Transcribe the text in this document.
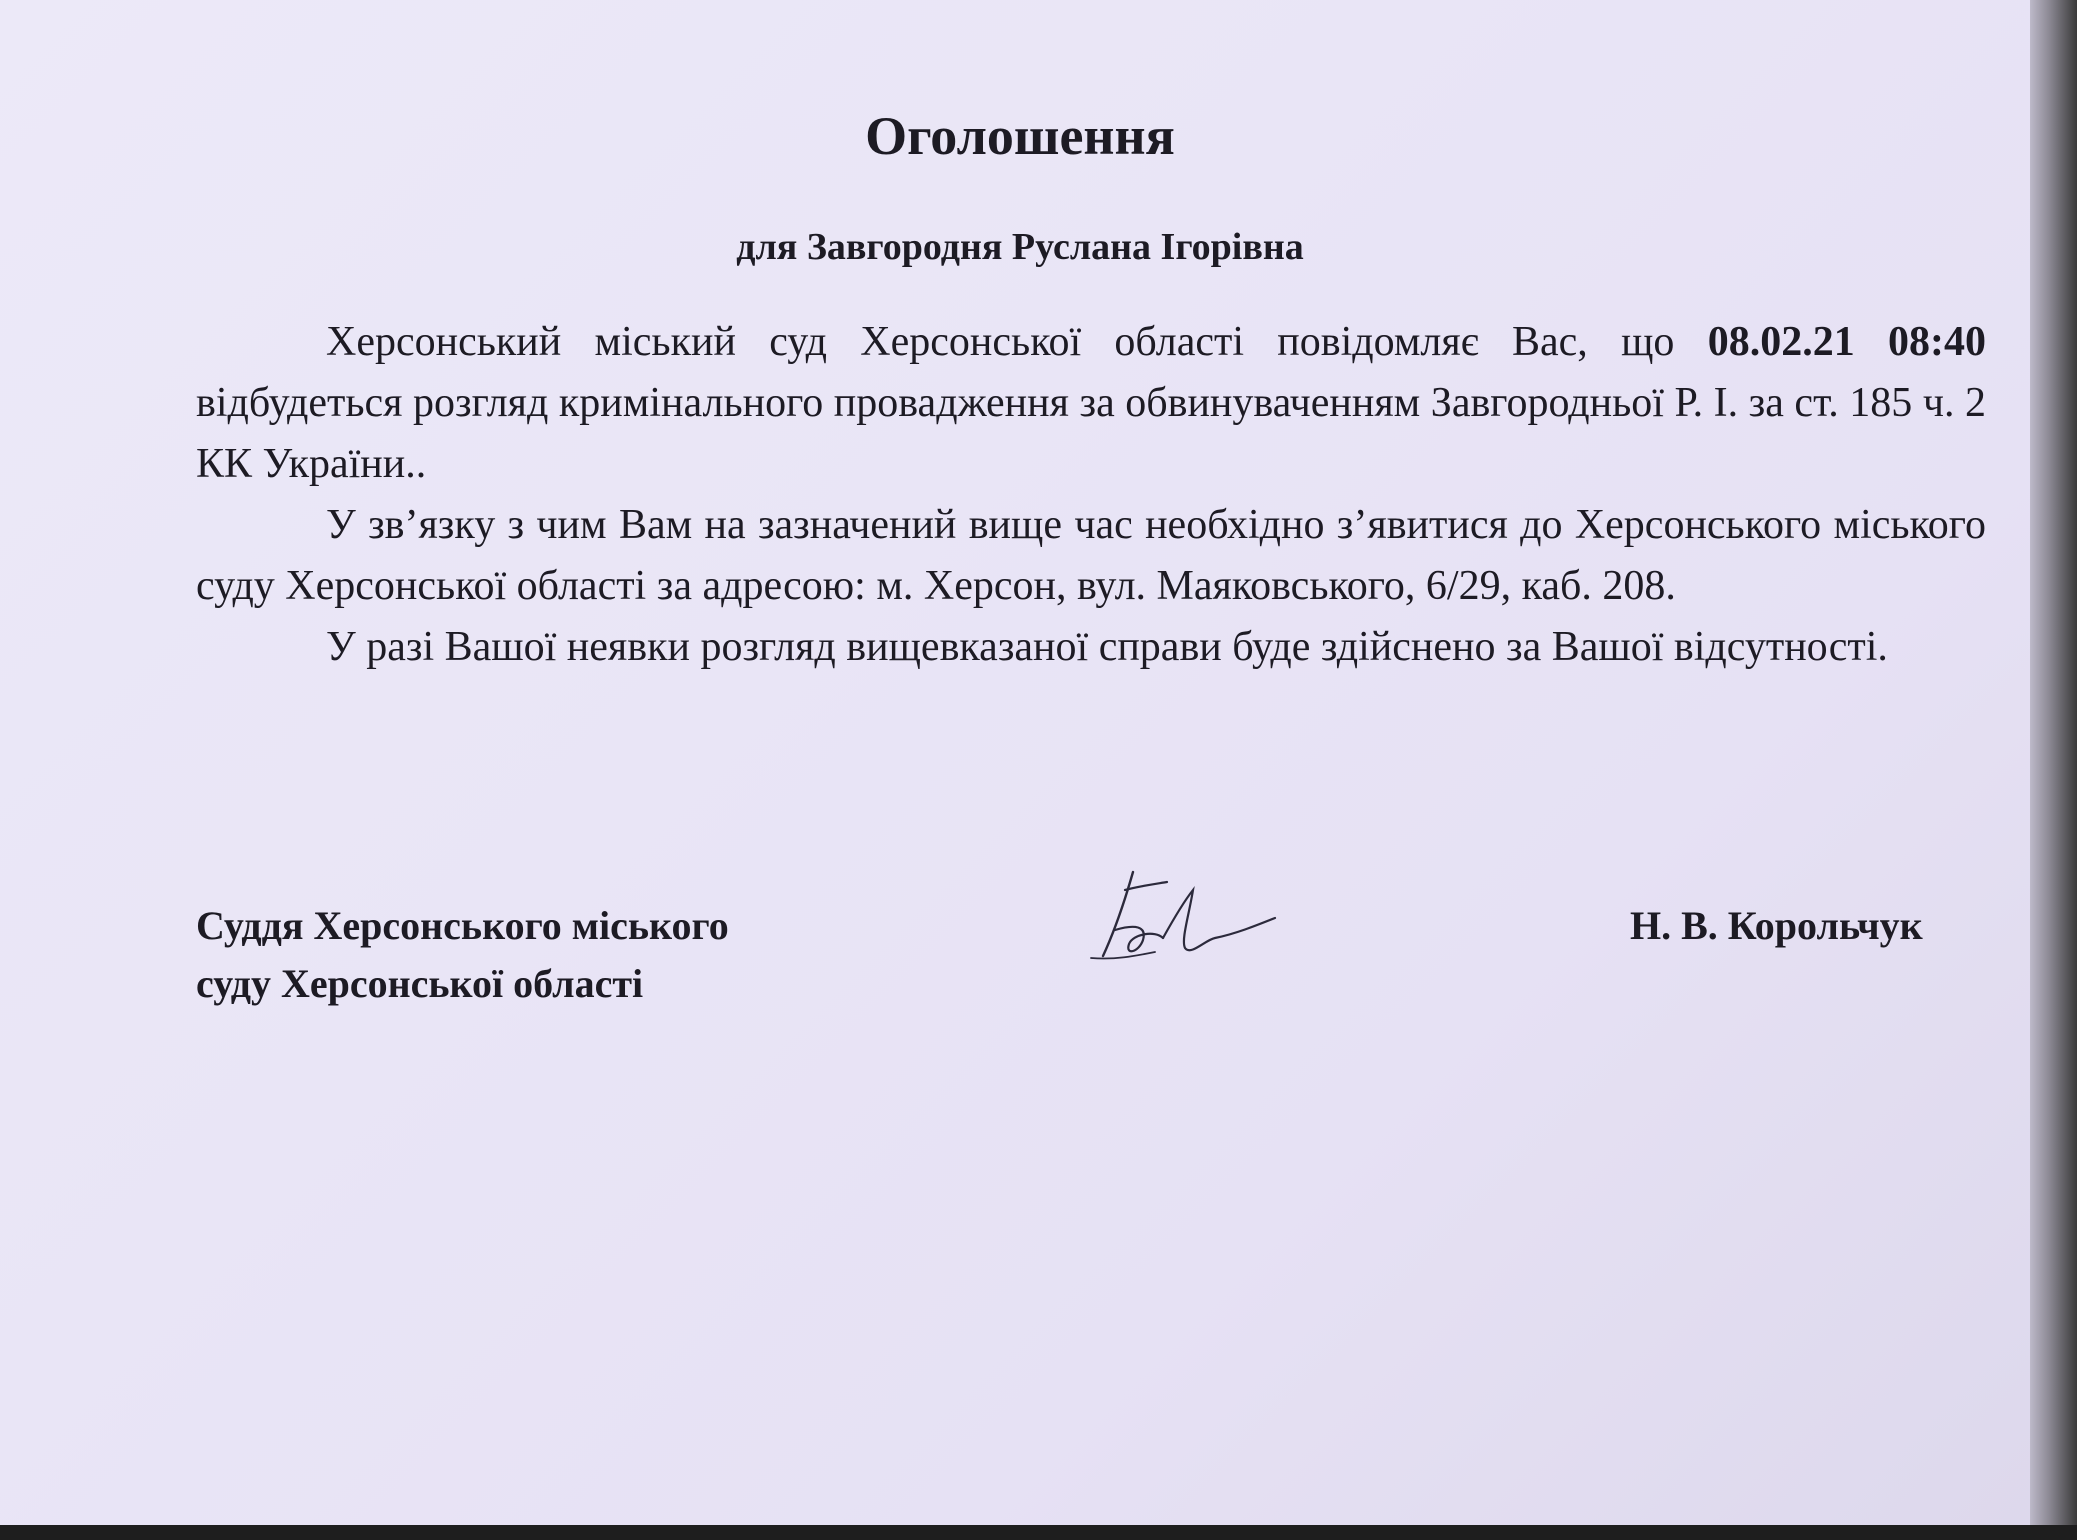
Оголошення
для Завгородня Руслана Ігорівна

Херсонський міський суд Херсонської області повідомляє Вас, що 08.02.21 08:40 відбудеться розгляд кримінального провадження за обвинуваченням Завгородньої Р. І. за ст. 185 ч. 2 КК України..

У зв’язку з чим Вам на зазначений вище час необхідно з’явитися до Херсонського міського суду Херсонської області за адресою: м. Херсон, вул. Маяковського, 6/29, каб. 208.

У разі Вашої неявки розгляд вищевказаної справи буде здійснено за Вашої відсутності.

Суддя Херсонського міського
суду Херсонської області
Н. В. Корольчук
